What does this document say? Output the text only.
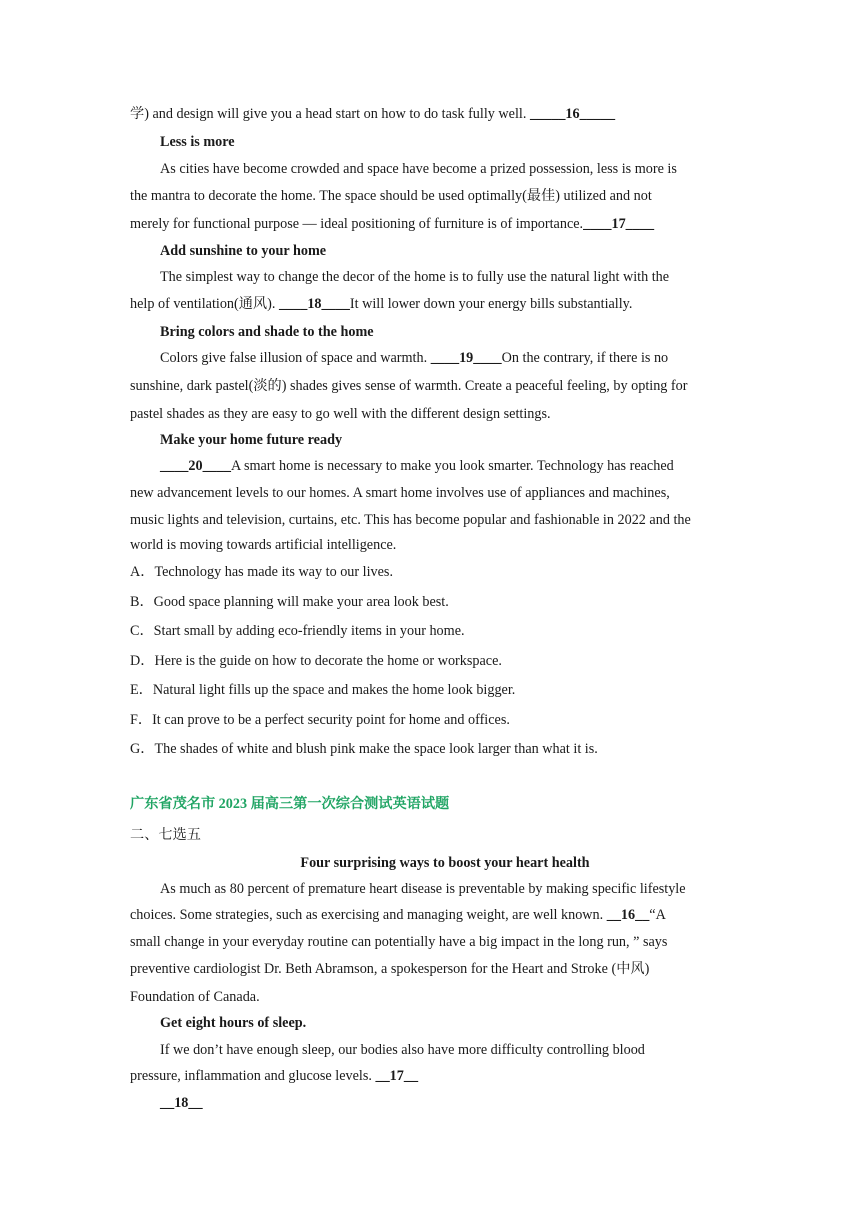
学) and design will give you a head start on how to do task fully well. _____16_____
Less is more
As cities have become crowded and space have become a prized possession, less is more is
the mantra to decorate the home. The space should be used optimally(最佳) utilized and not
merely for functional purpose — ideal positioning of furniture is of importance.____17____
Add sunshine to your home
The simplest way to change the decor of the home is to fully use the natural light with the
help of ventilation(通风). ____18____It will lower down your energy bills substantially.
Bring colors and shade to the home
Colors give false illusion of space and warmth. ____19____On the contrary, if there is no
sunshine, dark pastel(淡的) shades gives sense of warmth. Create a peaceful feeling, by opting for
pastel shades as they are easy to go well with the different design settings.
Make your home future ready
____20____A smart home is necessary to make you look smarter. Technology has reached
new advancement levels to our homes. A smart home involves use of appliances and machines,
music lights and television, curtains, etc. This has become popular and fashionable in 2022 and the
world is moving towards artificial intelligence.
A．Technology has made its way to our lives.
B．Good space planning will make your area look best.
C．Start small by adding eco-friendly items in your home.
D．Here is the guide on how to decorate the home or workspace.
E．Natural light fills up the space and makes the home look bigger.
F．It can prove to be a perfect security point for home and offices.
G．The shades of white and blush pink make the space look larger than what it is.
广东省茂名市 2023 届高三第一次综合测试英语试题
二、七选五
Four surprising ways to boost your heart health
As much as 80 percent of premature heart disease is preventable by making specific lifestyle
choices. Some strategies, such as exercising and managing weight, are well known. __16__“A
small change in your everyday routine can potentially have a big impact in the long run, ” says
preventive cardiologist Dr. Beth Abramson, a spokesperson for the Heart and Stroke (中风)
Foundation of Canada.
Get eight hours of sleep.
If we don’t have enough sleep, our bodies also have more difficulty controlling blood
pressure, inflammation and glucose levels. __17__
__18__
